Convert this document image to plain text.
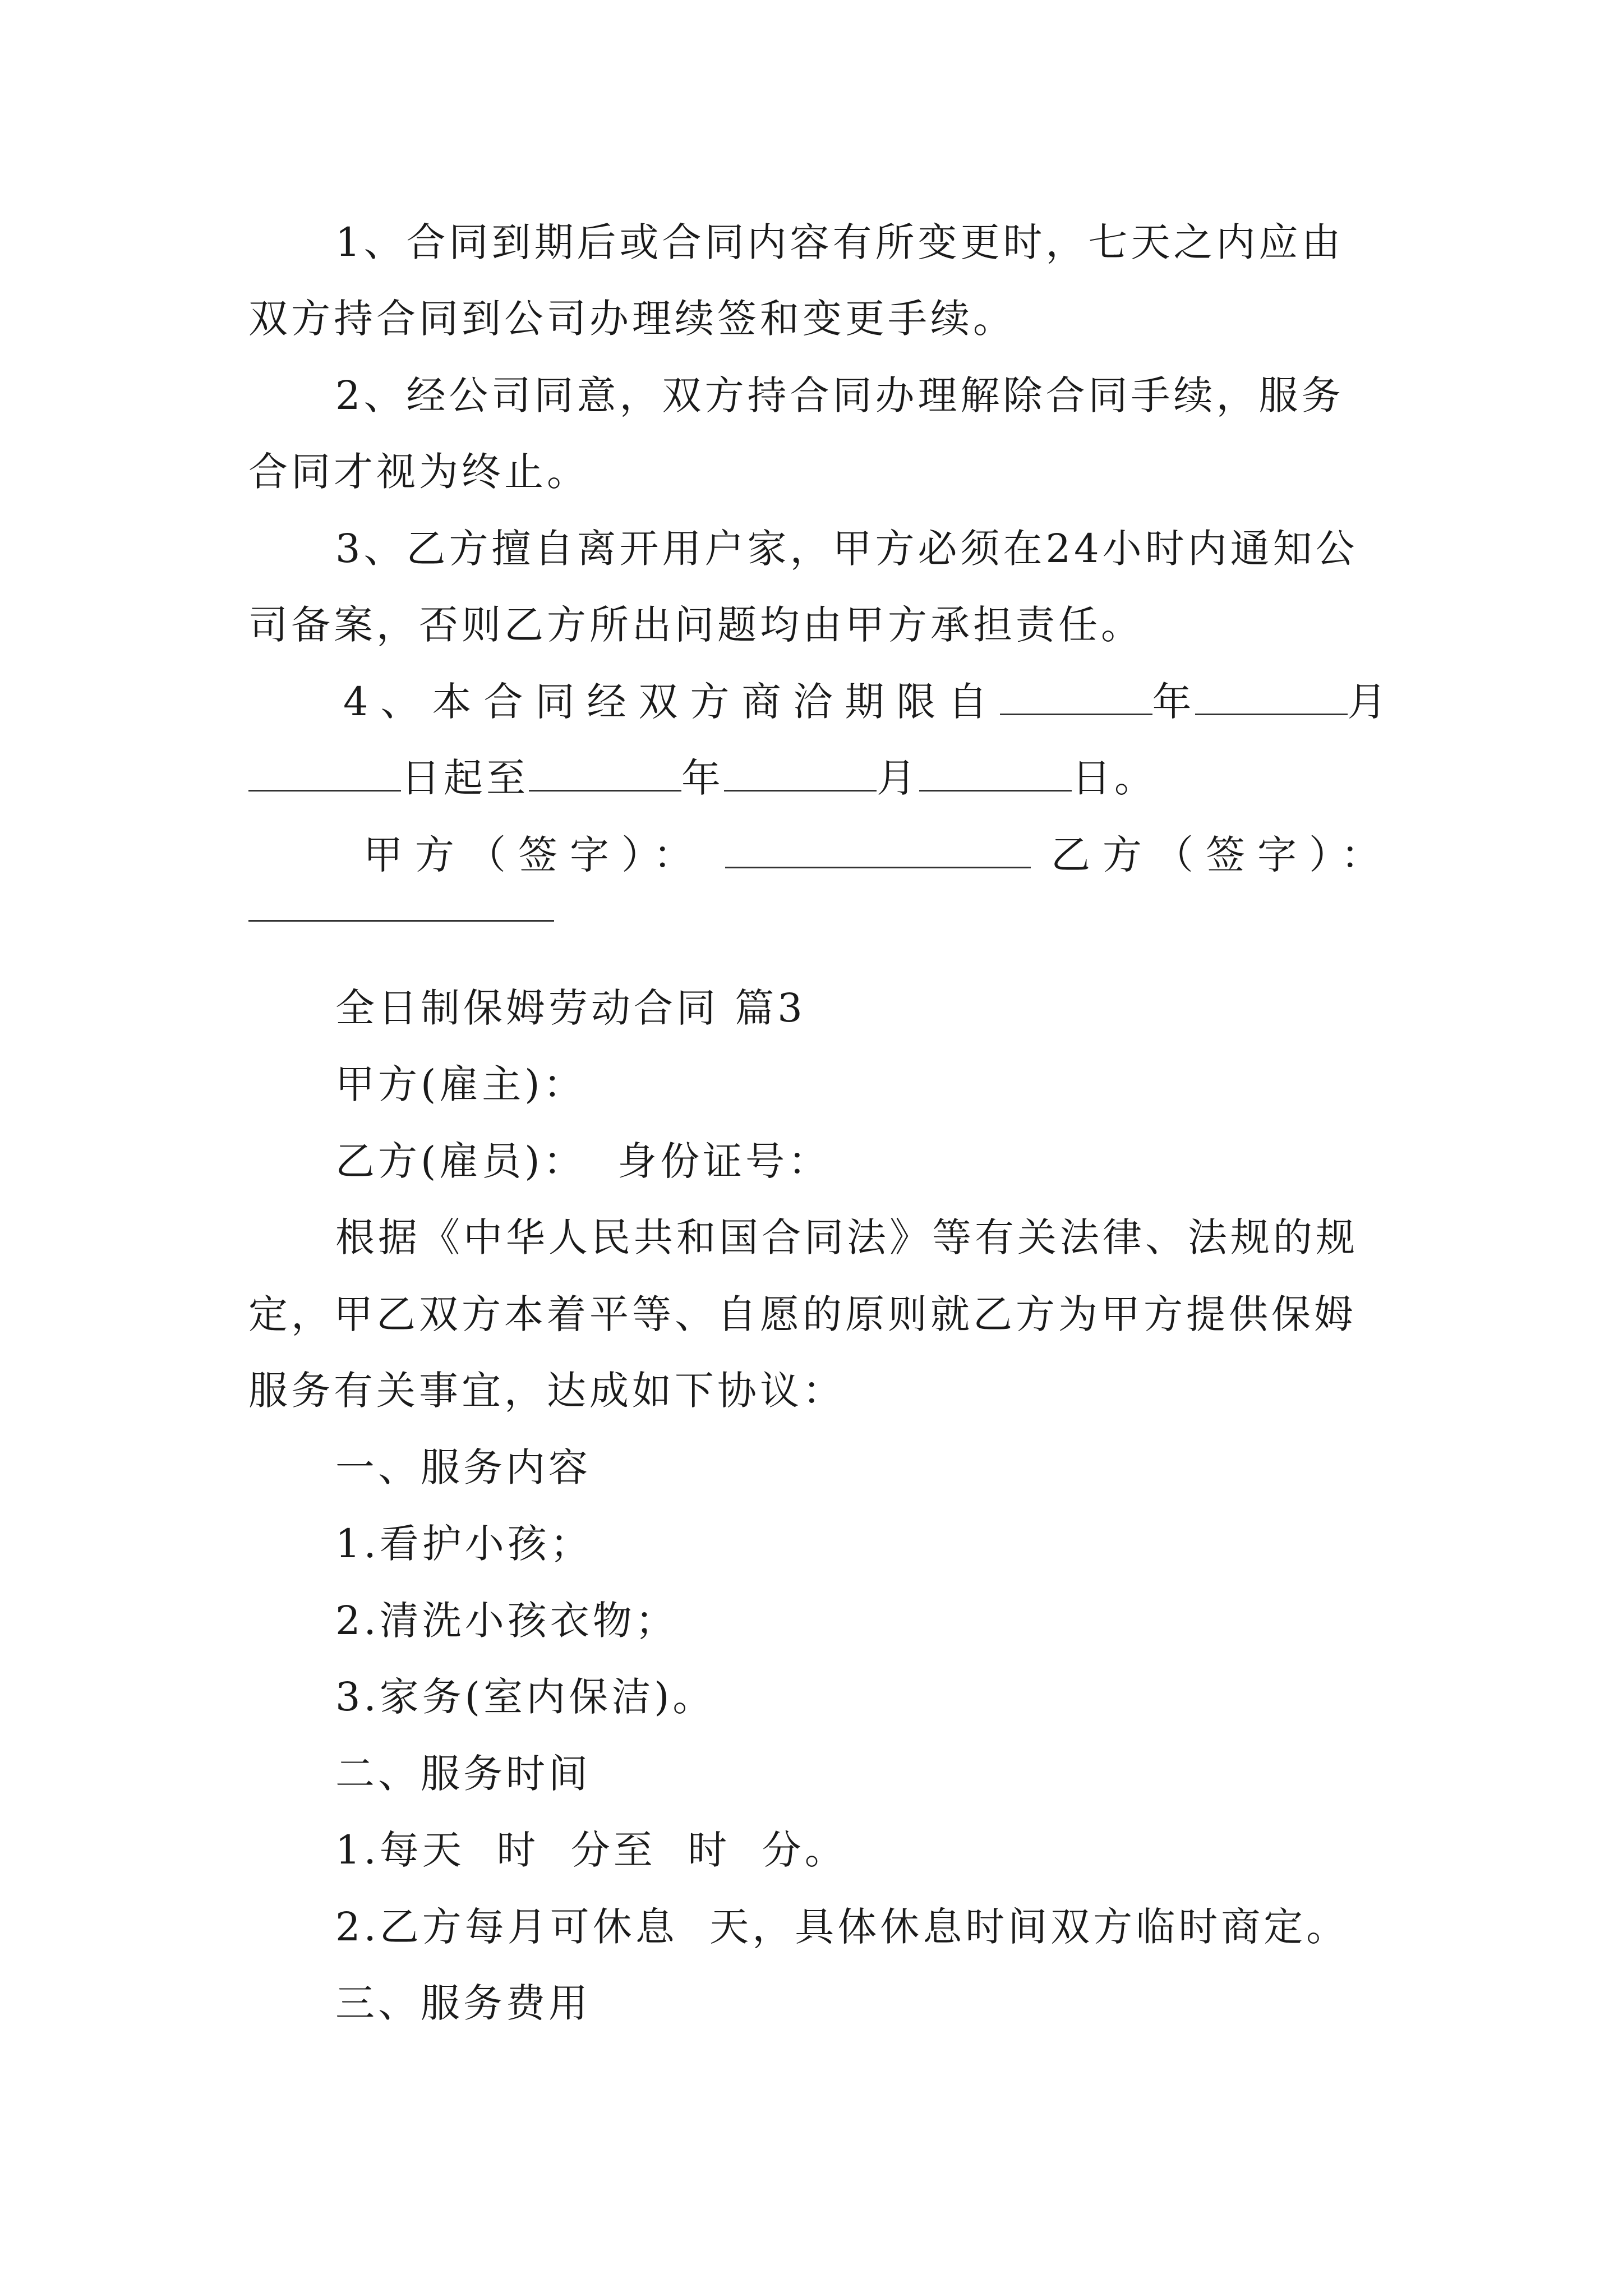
1、合同到期后或合同内容有所变更时，七天之内应由
双方持合同到公司办理续签和变更手续。
2、经公司同意，双方持合同办理解除合同手续，服务
合同才视为终止。
3、乙方擅自离开用户家，甲方必须在24小时内通知公
司备案，否则乙方所出问题均由甲方承担责任。
4、本合同经双方商洽期限自	年	月
日起至	年	月	日。
甲方（签字）：	乙方（签字）：
全日制保姆劳动合同 篇3
甲方(雇主)：
乙方(雇员)：  身份证号：
根据《中华人民共和国合同法》等有关法律、法规的规
定，甲乙双方本着平等、自愿的原则就乙方为甲方提供保姆
服务有关事宜，达成如下协议：
一、服务内容
1.看护小孩；
2.清洗小孩衣物；
3.家务(室内保洁)。
二、服务时间
1.每天  时  分至  时  分。
2.乙方每月可休息  天，具体休息时间双方临时商定。
三、服务费用
